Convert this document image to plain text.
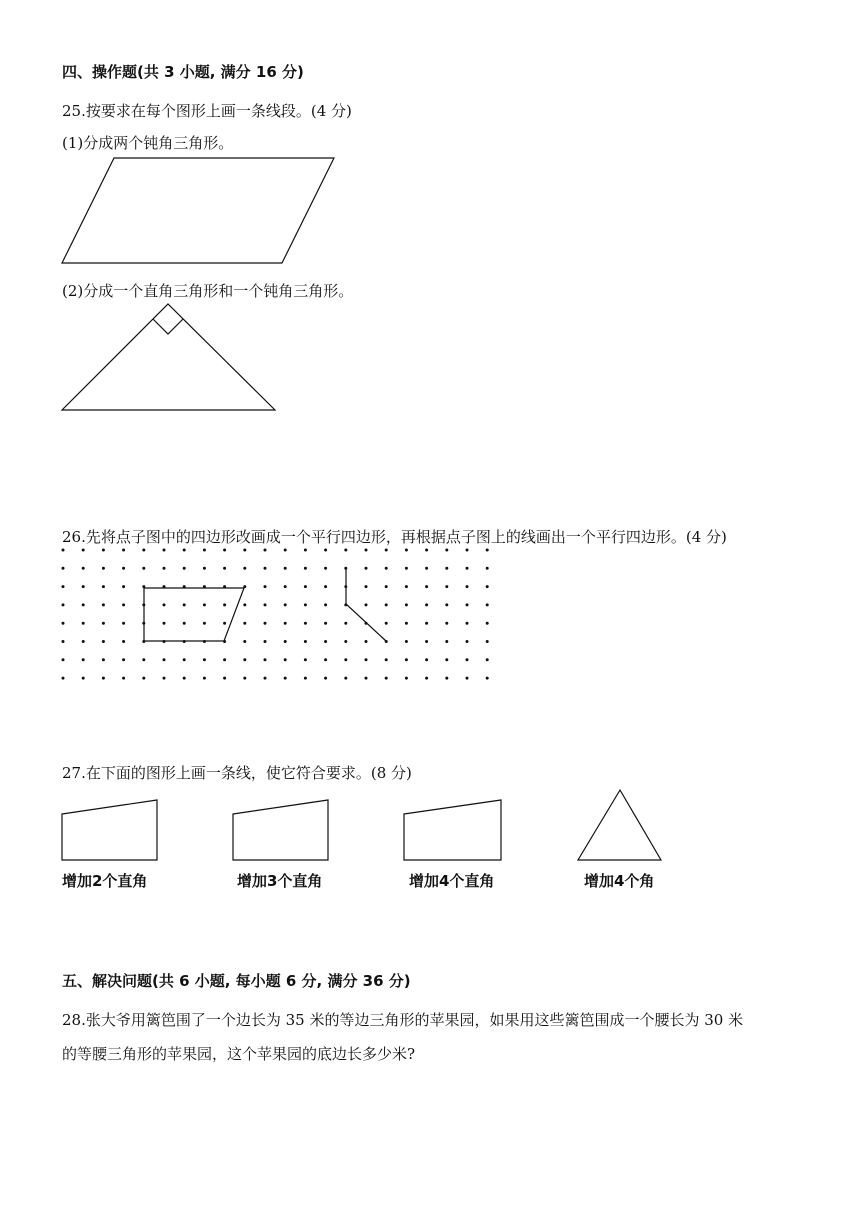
四、操作题(共 3 小题, 满分 16 分)
25.按要求在每个图形上画一条线段。(4 分)
(1)分成两个钝角三角形。
(2)分成一个直角三角形和一个钝角三角形。
26.先将点子图中的四边形改画成一个平行四边形，再根据点子图上的线画出一个平行四边形。(4 分)
27.在下面的图形上画一条线，使它符合要求。(8 分)
增加2个直角	增加3个直角	增加4个直角	增加4个角
五、解决问题(共 6 小题, 每小题 6 分, 满分 36 分)
28.张大爷用篱笆围了一个边长为 35 米的等边三角形的苹果园，如果用这些篱笆围成一个腰长为 30 米
的等腰三角形的苹果园，这个苹果园的底边长多少米?
